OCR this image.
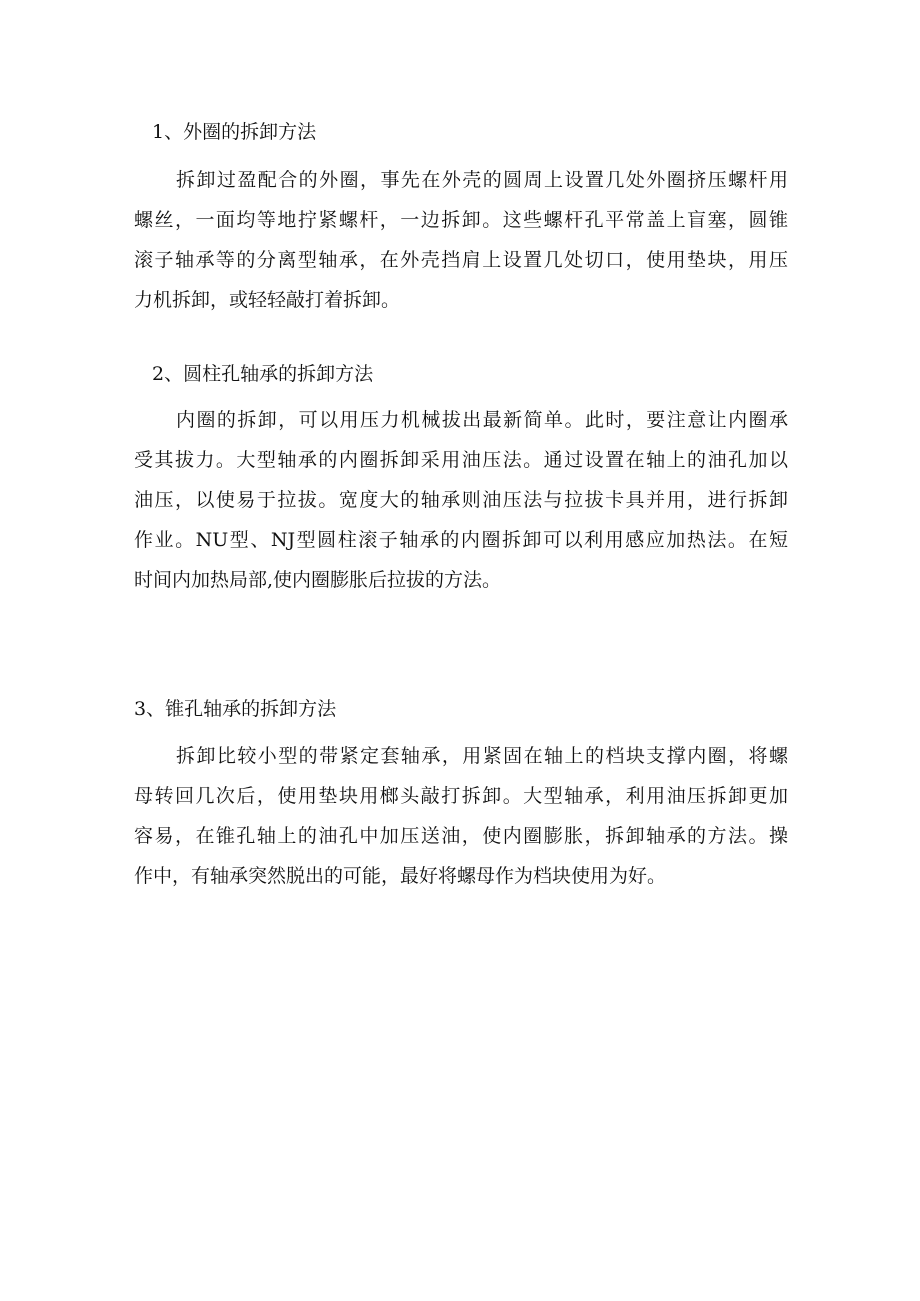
1、外圈的拆卸方法
拆卸过盈配合的外圈，事先在外壳的圆周上设置几处外圈挤压螺杆用
螺丝，一面均等地拧紧螺杆，一边拆卸。这些螺杆孔平常盖上盲塞，圆锥
滚子轴承等的分离型轴承，在外壳挡肩上设置几处切口，使用垫块，用压
力机拆卸，或轻轻敲打着拆卸。
2、圆柱孔轴承的拆卸方法
内圈的拆卸，可以用压力机械拔出最新简单。此时，要注意让内圈承
受其拔力。大型轴承的内圈拆卸采用油压法。通过设置在轴上的油孔加以
油压，以使易于拉拔。宽度大的轴承则油压法与拉拔卡具并用，进行拆卸
作业。NU型、NJ型圆柱滚子轴承的内圈拆卸可以利用感应加热法。在短
时间内加热局部,使内圈膨胀后拉拔的方法。
3、锥孔轴承的拆卸方法
拆卸比较小型的带紧定套轴承，用紧固在轴上的档块支撑内圈，将螺
母转回几次后，使用垫块用榔头敲打拆卸。大型轴承，利用油压拆卸更加
容易，在锥孔轴上的油孔中加压送油，使内圈膨胀，拆卸轴承的方法。操
作中，有轴承突然脱出的可能，最好将螺母作为档块使用为好。
